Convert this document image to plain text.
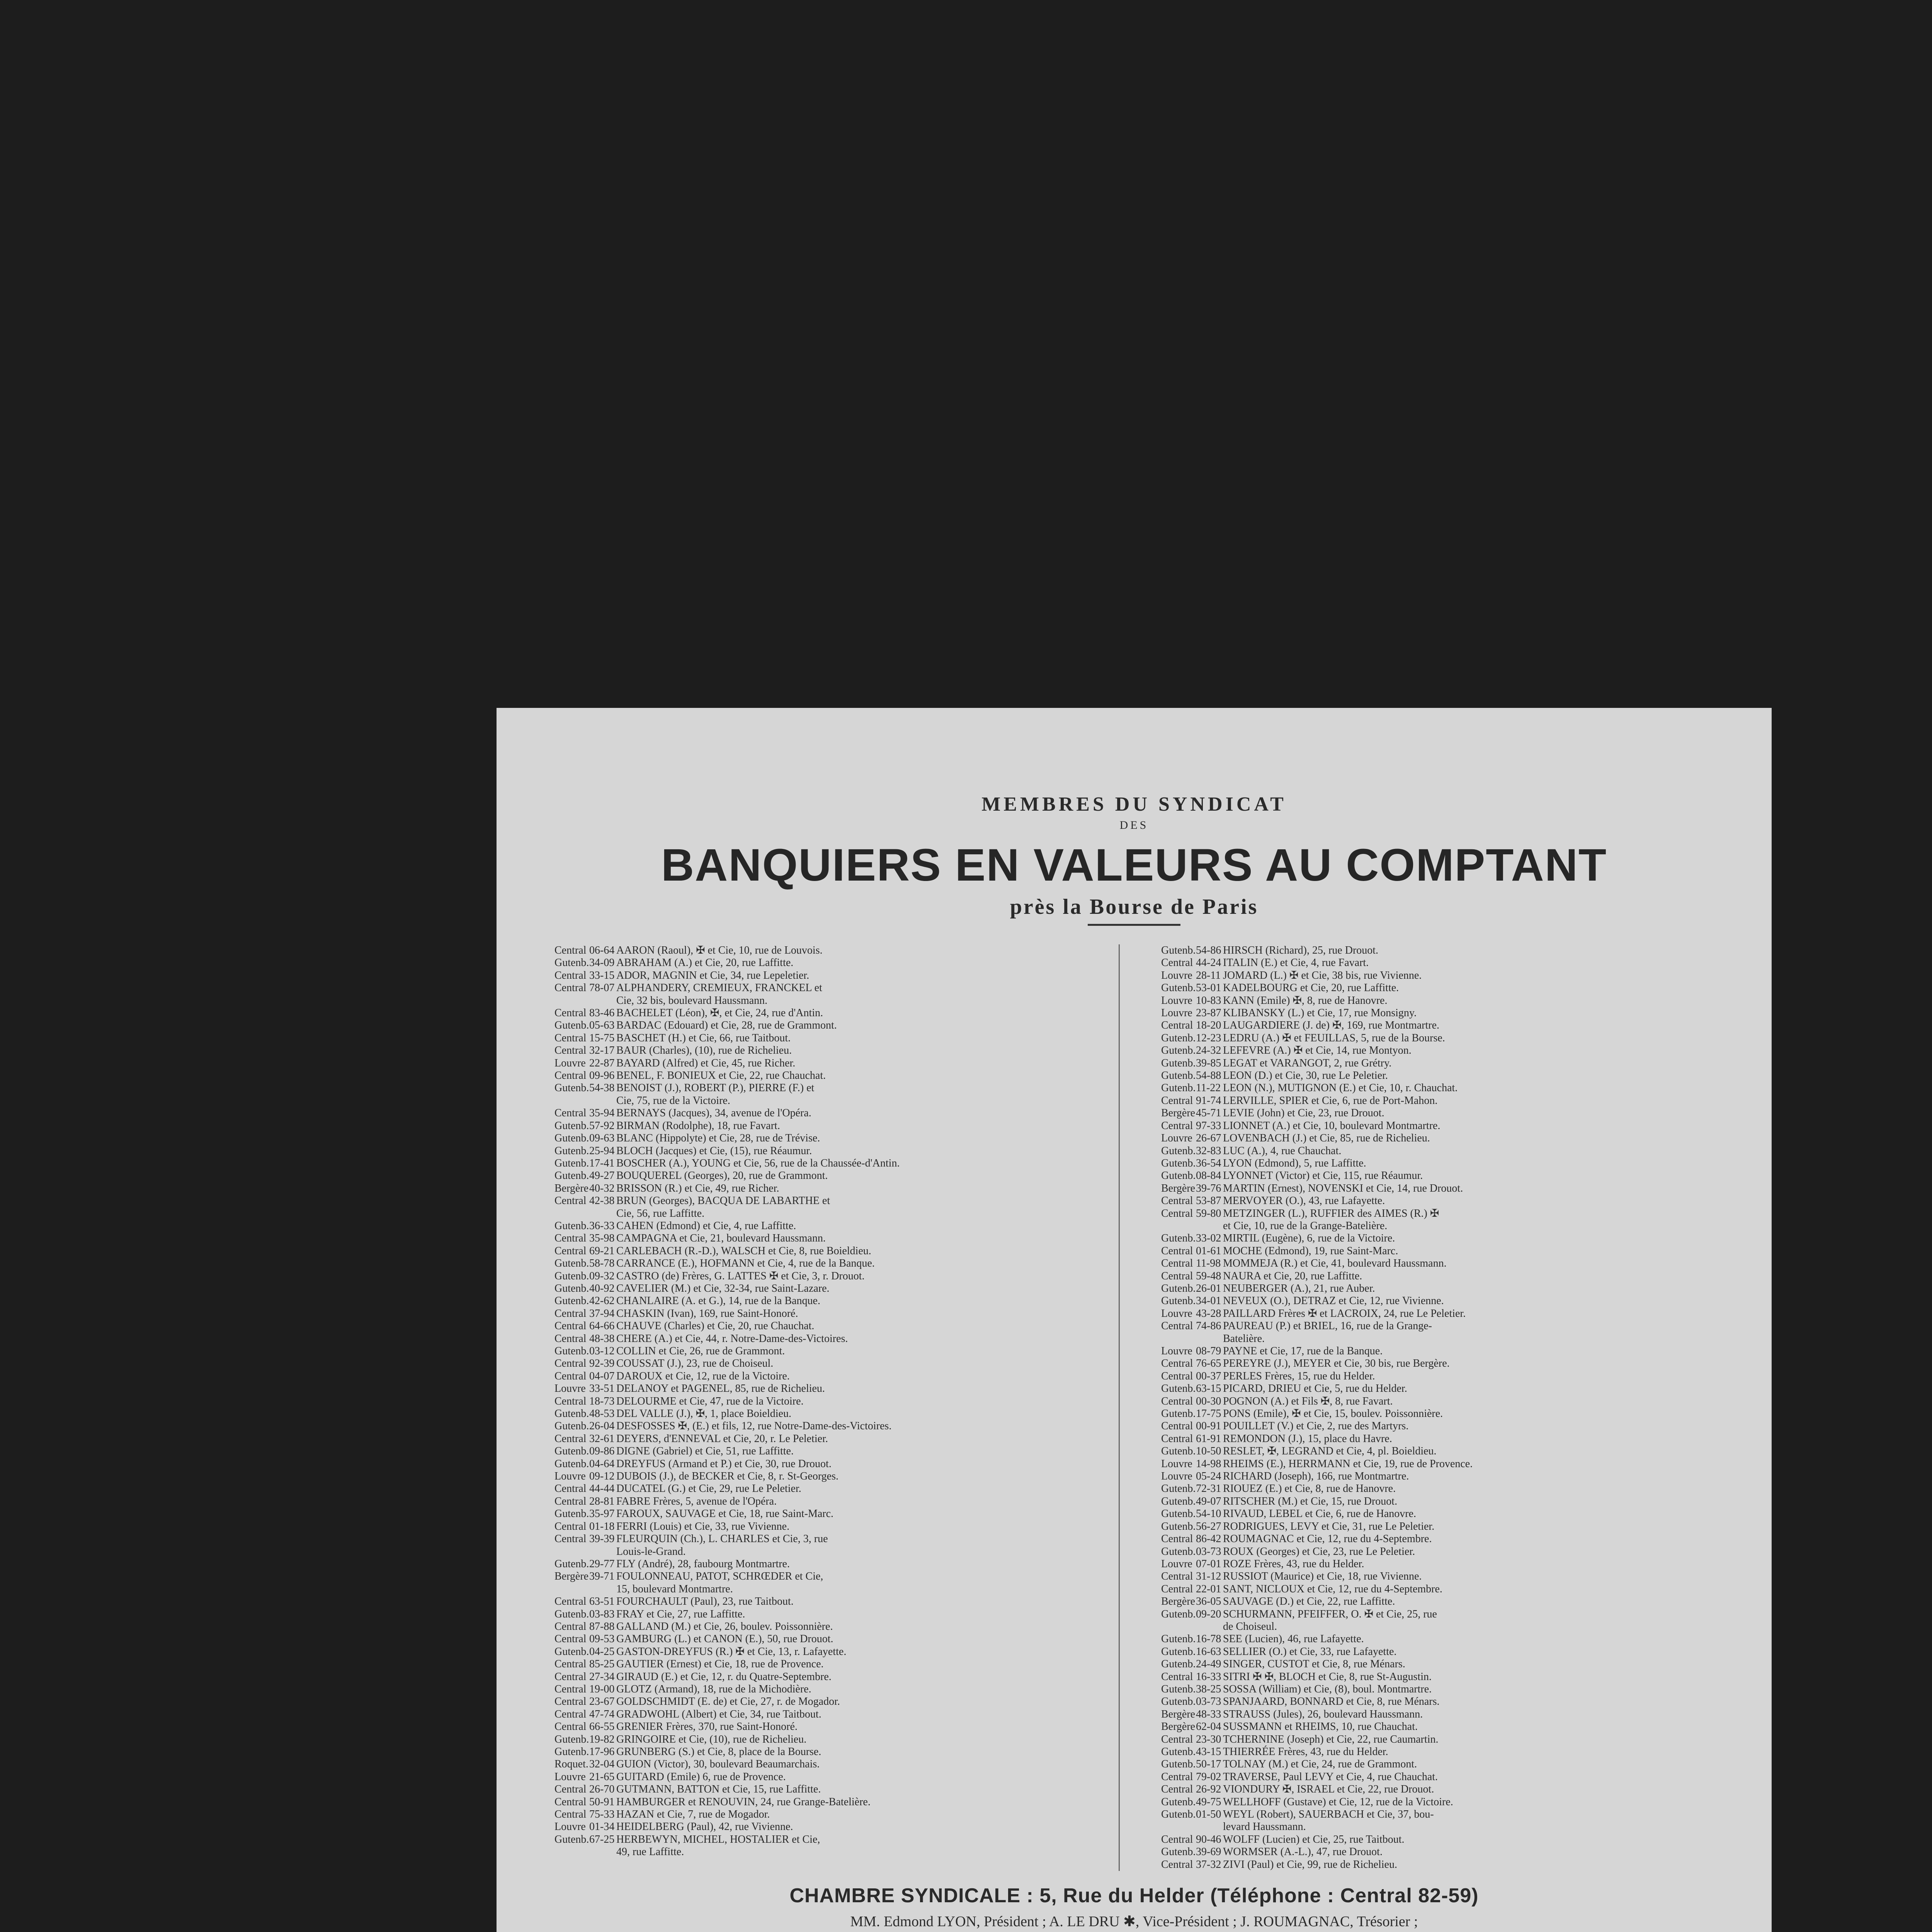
MEMBRES DU SYNDICAT

DES

BANQUIERS EN VALEURS AU COMPTANT

près la Bourse de Paris

Central 06-64 AARON (Raoul), ✠ et Cie, 10, rue de Louvois.
Gutenb. 34-09 ABRAHAM (A.) et Cie, 20, rue Laffitte.
Central 33-15 ADOR, MAGNIN et Cie, 34, rue Lepeletier.
Central 78-07 ALPHANDERY, CREMIEUX, FRANCKEL et
Cie, 32 bis, boulevard Haussmann.
Central 83-46 BACHELET (Léon), ✠, et Cie, 24, rue d'Antin.
Gutenb. 05-63 BARDAC (Edouard) et Cie, 28, rue de Grammont.
Central 15-75 BASCHET (H.) et Cie, 66, rue Taitbout.
Central 32-17 BAUR (Charles), (10), rue de Richelieu.
Louvre 22-87 BAYARD (Alfred) et Cie, 45, rue Richer.
Central 09-96 BENEL, F. BONIEUX et Cie, 22, rue Chauchat.
Gutenb. 54-38 BENOIST (J.), ROBERT (P.), PIERRE (F.) et
Cie, 75, rue de la Victoire.
Central 35-94 BERNAYS (Jacques), 34, avenue de l'Opéra.
Gutenb. 57-92 BIRMAN (Rodolphe), 18, rue Favart.
Gutenb. 09-63 BLANC (Hippolyte) et Cie, 28, rue de Trévise.
Gutenb. 25-94 BLOCH (Jacques) et Cie, (15), rue Réaumur.
Gutenb. 17-41 BOSCHER (A.), YOUNG et Cie, 56, rue de la Chaussée-d'Antin.
Gutenb. 49-27 BOUQUEREL (Georges), 20, rue de Grammont.
Bergère 40-32 BRISSON (R.) et Cie, 49, rue Richer.
Central 42-38 BRUN (Georges), BACQUA DE LABARTHE et
Cie, 56, rue Laffitte.
Gutenb. 36-33 CAHEN (Edmond) et Cie, 4, rue Laffitte.
Central 35-98 CAMPAGNA et Cie, 21, boulevard Haussmann.
Central 69-21 CARLEBACH (R.-D.), WALSCH et Cie, 8, rue Boieldieu.
Gutenb. 58-78 CARRANCE (E.), HOFMANN et Cie, 4, rue de la Banque.
Gutenb. 09-32 CASTRO (de) Frères, G. LATTES ✠ et Cie, 3, r. Drouot.
Gutenb. 40-92 CAVELIER (M.) et Cie, 32-34, rue Saint-Lazare.
Gutenb. 42-62 CHANLAIRE (A. et G.), 14, rue de la Banque.
Central 37-94 CHASKIN (Ivan), 169, rue Saint-Honoré.
Central 64-66 CHAUVE (Charles) et Cie, 20, rue Chauchat.
Central 48-38 CHERE (A.) et Cie, 44, r. Notre-Dame-des-Victoires.
Gutenb. 03-12 COLLIN et Cie, 26, rue de Grammont.
Central 92-39 COUSSAT (J.), 23, rue de Choiseul.
Central 04-07 DAROUX et Cie, 12, rue de la Victoire.
Louvre 33-51 DELANOY et PAGENEL, 85, rue de Richelieu.
Central 18-73 DELOURME et Cie, 47, rue de la Victoire.
Gutenb. 48-53 DEL VALLE (J.), ✠, 1, place Boieldieu.
Gutenb. 26-04 DESFOSSES ✠, (E.) et fils, 12, rue Notre-Dame-des-Victoires.
Central 32-61 DEYERS, d'ENNEVAL et Cie, 20, r. Le Peletier.
Gutenb. 09-86 DIGNE (Gabriel) et Cie, 51, rue Laffitte.
Gutenb. 04-64 DREYFUS (Armand et P.) et Cie, 30, rue Drouot.
Louvre 09-12 DUBOIS (J.), de BECKER et Cie, 8, r. St-Georges.
Central 44-44 DUCATEL (G.) et Cie, 29, rue Le Peletier.
Central 28-81 FABRE Frères, 5, avenue de l'Opéra.
Gutenb. 35-97 FAROUX, SAUVAGE et Cie, 18, rue Saint-Marc.
Central 01-18 FERRI (Louis) et Cie, 33, rue Vivienne.
Central 39-39 FLEURQUIN (Ch.), L. CHARLES et Cie, 3, rue
Louis-le-Grand.
Gutenb. 29-77 FLY (André), 28, faubourg Montmartre.
Bergère 39-71 FOULONNEAU, PATOT, SCHRŒDER et Cie,
15, boulevard Montmartre.
Central 63-51 FOURCHAULT (Paul), 23, rue Taitbout.
Gutenb. 03-83 FRAY et Cie, 27, rue Laffitte.
Central 87-88 GALLAND (M.) et Cie, 26, boulev. Poissonnière.
Central 09-53 GAMBURG (L.) et CANON (E.), 50, rue Drouot.
Gutenb. 04-25 GASTON-DREYFUS (R.) ✠ et Cie, 13, r. Lafayette.
Central 85-25 GAUTIER (Ernest) et Cie, 18, rue de Provence.
Central 27-34 GIRAUD (E.) et Cie, 12, r. du Quatre-Septembre.
Central 19-00 GLOTZ (Armand), 18, rue de la Michodière.
Central 23-67 GOLDSCHMIDT (E. de) et Cie, 27, r. de Mogador.
Central 47-74 GRADWOHL (Albert) et Cie, 34, rue Taitbout.
Central 66-55 GRENIER Frères, 370, rue Saint-Honoré.
Gutenb. 19-82 GRINGOIRE et Cie, (10), rue de Richelieu.
Gutenb. 17-96 GRUNBERG (S.) et Cie, 8, place de la Bourse.
Roquet. 32-04 GUION (Victor), 30, boulevard Beaumarchais.
Louvre 21-65 GUITARD (Emile) 6, rue de Provence.
Central 26-70 GUTMANN, BATTON et Cie, 15, rue Laffitte.
Central 50-91 HAMBURGER et RENOUVIN, 24, rue Grange-Batelière.
Central 75-33 HAZAN et Cie, 7, rue de Mogador.
Louvre 01-34 HEIDELBERG (Paul), 42, rue Vivienne.
Gutenb. 67-25 HERBEWYN, MICHEL, HOSTALIER et Cie,
49, rue Laffitte.
Gutenb. 54-86 HIRSCH (Richard), 25, rue Drouot.
Central 44-24 ITALIN (E.) et Cie, 4, rue Favart.
Louvre 28-11 JOMARD (L.) ✠ et Cie, 38 bis, rue Vivienne.
Gutenb. 53-01 KADELBOURG et Cie, 20, rue Laffitte.
Louvre 10-83 KANN (Emile) ✠, 8, rue de Hanovre.
Louvre 23-87 KLIBANSKY (L.) et Cie, 17, rue Monsigny.
Central 18-20 LAUGARDIERE (J. de) ✠, 169, rue Montmartre.
Gutenb. 12-23 LEDRU (A.) ✠ et FEUILLAS, 5, rue de la Bourse.
Gutenb. 24-32 LEFEVRE (A.) ✠ et Cie, 14, rue Montyon.
Gutenb. 39-85 LEGAT et VARANGOT, 2, rue Grétry.
Gutenb. 54-88 LEON (D.) et Cie, 30, rue Le Peletier.
Gutenb. 11-22 LEON (N.), MUTIGNON (E.) et Cie, 10, r. Chauchat.
Central 91-74 LERVILLE, SPIER et Cie, 6, rue de Port-Mahon.
Bergère 45-71 LEVIE (John) et Cie, 23, rue Drouot.
Central 97-33 LIONNET (A.) et Cie, 10, boulevard Montmartre.
Louvre 26-67 LOVENBACH (J.) et Cie, 85, rue de Richelieu.
Gutenb. 32-83 LUC (A.), 4, rue Chauchat.
Gutenb. 36-54 LYON (Edmond), 5, rue Laffitte.
Gutenb. 08-84 LYONNET (Victor) et Cie, 115, rue Réaumur.
Bergère 39-76 MARTIN (Ernest), NOVENSKI et Cie, 14, rue Drouot.
Central 53-87 MERVOYER (O.), 43, rue Lafayette.
Central 59-80 METZINGER (L.), RUFFIER des AIMES (R.) ✠
et Cie, 10, rue de la Grange-Batelière.
Gutenb. 33-02 MIRTIL (Eugène), 6, rue de la Victoire.
Central 01-61 MOCHE (Edmond), 19, rue Saint-Marc.
Central 11-98 MOMMEJA (R.) et Cie, 41, boulevard Haussmann.
Central 59-48 NAURA et Cie, 20, rue Laffitte.
Gutenb. 26-01 NEUBERGER (A.), 21, rue Auber.
Gutenb. 34-01 NEVEUX (O.), DETRAZ et Cie, 12, rue Vivienne.
Louvre 43-28 PAILLARD Frères ✠ et LACROIX, 24, rue Le Peletier.
Central 74-86 PAUREAU (P.) et BRIEL, 16, rue de la Grange-
Batelière.
Louvre 08-79 PAYNE et Cie, 17, rue de la Banque.
Central 76-65 PEREYRE (J.), MEYER et Cie, 30 bis, rue Bergère.
Central 00-37 PERLES Frères, 15, rue du Helder.
Gutenb. 63-15 PICARD, DRIEU et Cie, 5, rue du Helder.
Central 00-30 POGNON (A.) et Fils ✠, 8, rue Favart.
Gutenb. 17-75 PONS (Emile), ✠ et Cie, 15, boulev. Poissonnière.
Central 00-91 POUILLET (V.) et Cie, 2, rue des Martyrs.
Central 61-91 REMONDON (J.), 15, place du Havre.
Gutenb. 10-50 RESLET, ✠, LEGRAND et Cie, 4, pl. Boieldieu.
Louvre 14-98 RHEIMS (E.), HERRMANN et Cie, 19, rue de Provence.
Louvre 05-24 RICHARD (Joseph), 166, rue Montmartre.
Gutenb. 72-31 RIOUEZ (E.) et Cie, 8, rue de Hanovre.
Gutenb. 49-07 RITSCHER (M.) et Cie, 15, rue Drouot.
Gutenb. 54-10 RIVAUD, LEBEL et Cie, 6, rue de Hanovre.
Gutenb. 56-27 RODRIGUES, LEVY et Cie, 31, rue Le Peletier.
Central 86-42 ROUMAGNAC et Cie, 12, rue du 4-Septembre.
Gutenb. 03-73 ROUX (Georges) et Cie, 23, rue Le Peletier.
Louvre 07-01 ROZE Frères, 43, rue du Helder.
Central 31-12 RUSSIOT (Maurice) et Cie, 18, rue Vivienne.
Central 22-01 SANT, NICLOUX et Cie, 12, rue du 4-Septembre.
Bergère 36-05 SAUVAGE (D.) et Cie, 22, rue Laffitte.
Gutenb. 09-20 SCHURMANN, PFEIFFER, O. ✠ et Cie, 25, rue
de Choiseul.
Gutenb. 16-78 SEE (Lucien), 46, rue Lafayette.
Gutenb. 16-63 SELLIER (O.) et Cie, 33, rue Lafayette.
Gutenb. 24-49 SINGER, CUSTOT et Cie, 8, rue Ménars.
Central 16-33 SITRI ✠ ✠, BLOCH et Cie, 8, rue St-Augustin.
Gutenb. 38-25 SOSSA (William) et Cie, (8), boul. Montmartre.
Gutenb. 03-73 SPANJAARD, BONNARD et Cie, 8, rue Ménars.
Bergère 48-33 STRAUSS (Jules), 26, boulevard Haussmann.
Bergère 62-04 SUSSMANN et RHEIMS, 10, rue Chauchat.
Central 23-30 TCHERNINE (Joseph) et Cie, 22, rue Caumartin.
Gutenb. 43-15 THIERRÉE Frères, 43, rue du Helder.
Gutenb. 50-17 TOLNAY (M.) et Cie, 24, rue de Grammont.
Central 79-02 TRAVERSE, Paul LEVY et Cie, 4, rue Chauchat.
Central 26-92 VIONDURY ✠, ISRAEL et Cie, 22, rue Drouot.
Gutenb. 49-75 WELLHOFF (Gustave) et Cie, 12, rue de la Victoire.
Gutenb. 01-50 WEYL (Robert), SAUERBACH et Cie, 37, bou-
levard Haussmann.
Central 90-46 WOLFF (Lucien) et Cie, 25, rue Taitbout.
Gutenb. 39-69 WORMSER (A.-L.), 47, rue Drouot.
Central 37-32 ZIVI (Paul) et Cie, 99, rue de Richelieu.

CHAMBRE SYNDICALE : 5, Rue du Helder (Téléphone : Central 82-59)

MM. Edmond LYON, Président ; A. LE DRU ✱, Vice-Président ; J. ROUMAGNAC, Trésorier ;
